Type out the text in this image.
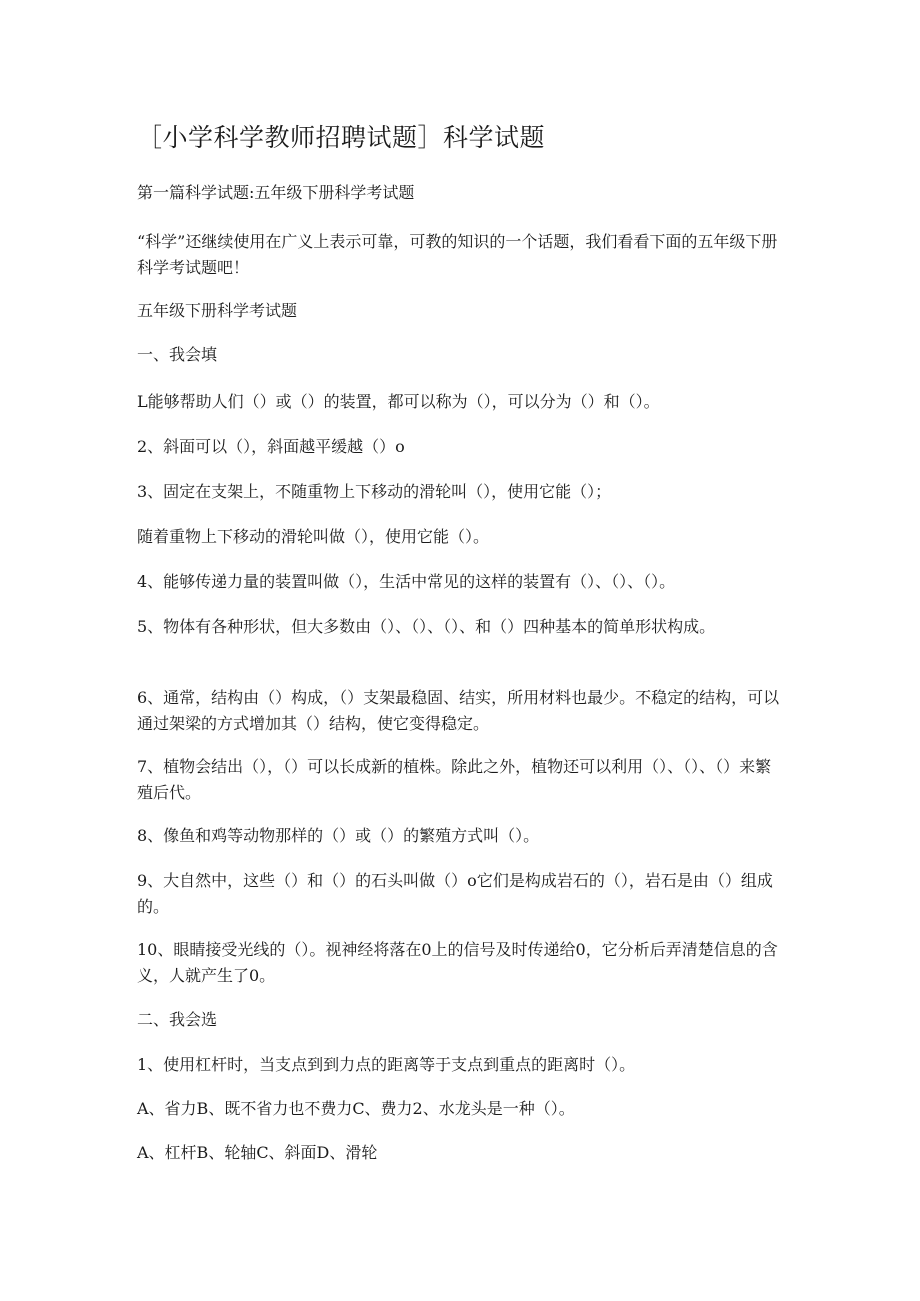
［小学科学教师招聘试题］科学试题

第一篇科学试题:五年级下册科学考试题

“科学”还继续使用在广义上表示可靠，可教的知识的一个话题，我们看看下面的五年级下册科学考试题吧！

五年级下册科学考试题

一、我会填

L能够帮助人们（）或（）的装置，都可以称为（），可以分为（）和（）。

2、斜面可以（），斜面越平缓越（）o

3、固定在支架上，不随重物上下移动的滑轮叫（），使用它能（）；

随着重物上下移动的滑轮叫做（），使用它能（）。

4、能够传递力量的装置叫做（），生活中常见的这样的装置有（）、（）、（）。

5、物体有各种形状，但大多数由（）、（）、（）、和（）四种基本的简单形状构成。

6、通常，结构由（）构成，（）支架最稳固、结实，所用材料也最少。不稳定的结构，可以通过架梁的方式增加其（）结构，使它变得稳定。

7、植物会结出（），（）可以长成新的植株。除此之外，植物还可以利用（）、（）、（）来繁殖后代。

8、像鱼和鸡等动物那样的（）或（）的繁殖方式叫（）。

9、大自然中，这些（）和（）的石头叫做（）o它们是构成岩石的（），岩石是由（）组成的。

10、眼睛接受光线的（）。视神经将落在0上的信号及时传递给0，它分析后弄清楚信息的含义，人就产生了0。

二、我会选

1、使用杠杆时，当支点到到力点的距离等于支点到重点的距离时（）。

A、省力B、既不省力也不费力C、费力2、水龙头是一种（）。

A、杠杆B、轮轴C、斜面D、滑轮
